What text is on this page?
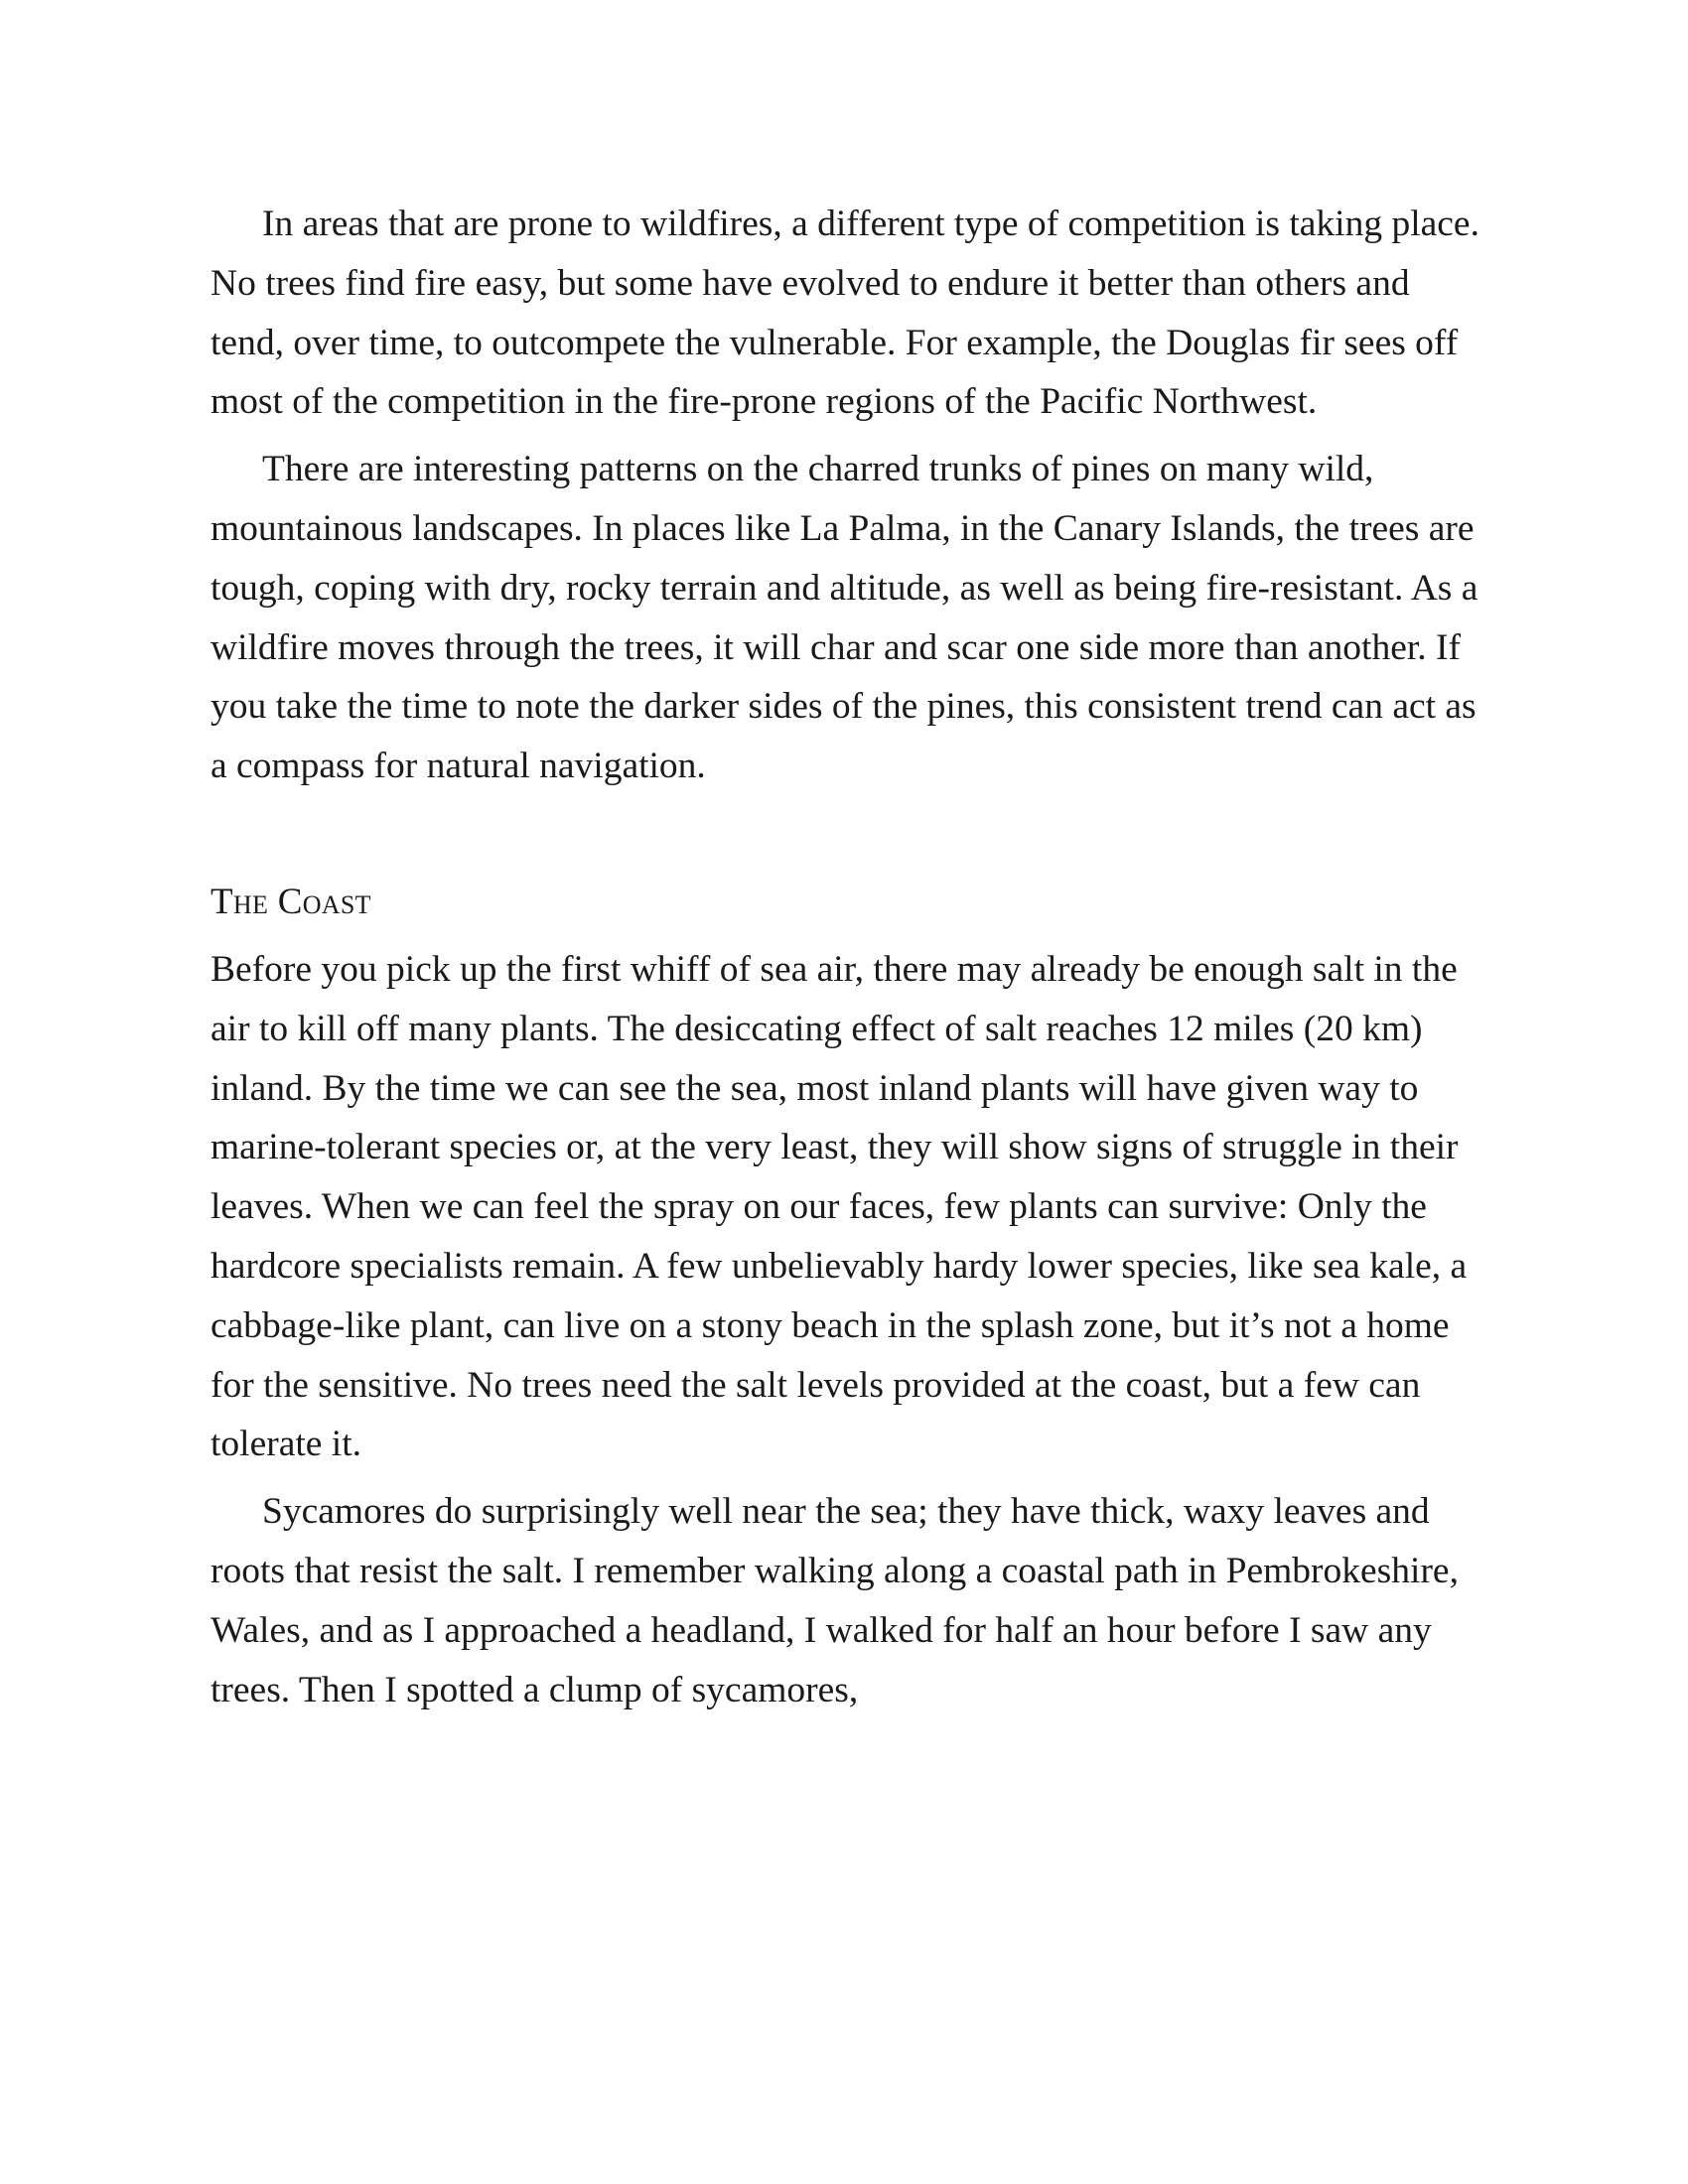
In areas that are prone to wildfires, a different type of competition is taking place. No trees find fire easy, but some have evolved to endure it better than others and tend, over time, to outcompete the vulnerable. For example, the Douglas fir sees off most of the competition in the fire-prone regions of the Pacific Northwest.

There are interesting patterns on the charred trunks of pines on many wild, mountainous landscapes. In places like La Palma, in the Canary Islands, the trees are tough, coping with dry, rocky terrain and altitude, as well as being fire-resistant. As a wildfire moves through the trees, it will char and scar one side more than another. If you take the time to note the darker sides of the pines, this consistent trend can act as a compass for natural navigation.

The Coast

Before you pick up the first whiff of sea air, there may already be enough salt in the air to kill off many plants. The desiccating effect of salt reaches 12 miles (20 km) inland. By the time we can see the sea, most inland plants will have given way to marine-tolerant species or, at the very least, they will show signs of struggle in their leaves. When we can feel the spray on our faces, few plants can survive: Only the hardcore specialists remain. A few unbelievably hardy lower species, like sea kale, a cabbage-like plant, can live on a stony beach in the splash zone, but it’s not a home for the sensitive. No trees need the salt levels provided at the coast, but a few can tolerate it.

Sycamores do surprisingly well near the sea; they have thick, waxy leaves and roots that resist the salt. I remember walking along a coastal path in Pembrokeshire, Wales, and as I approached a headland, I walked for half an hour before I saw any trees. Then I spotted a clump of sycamores,
